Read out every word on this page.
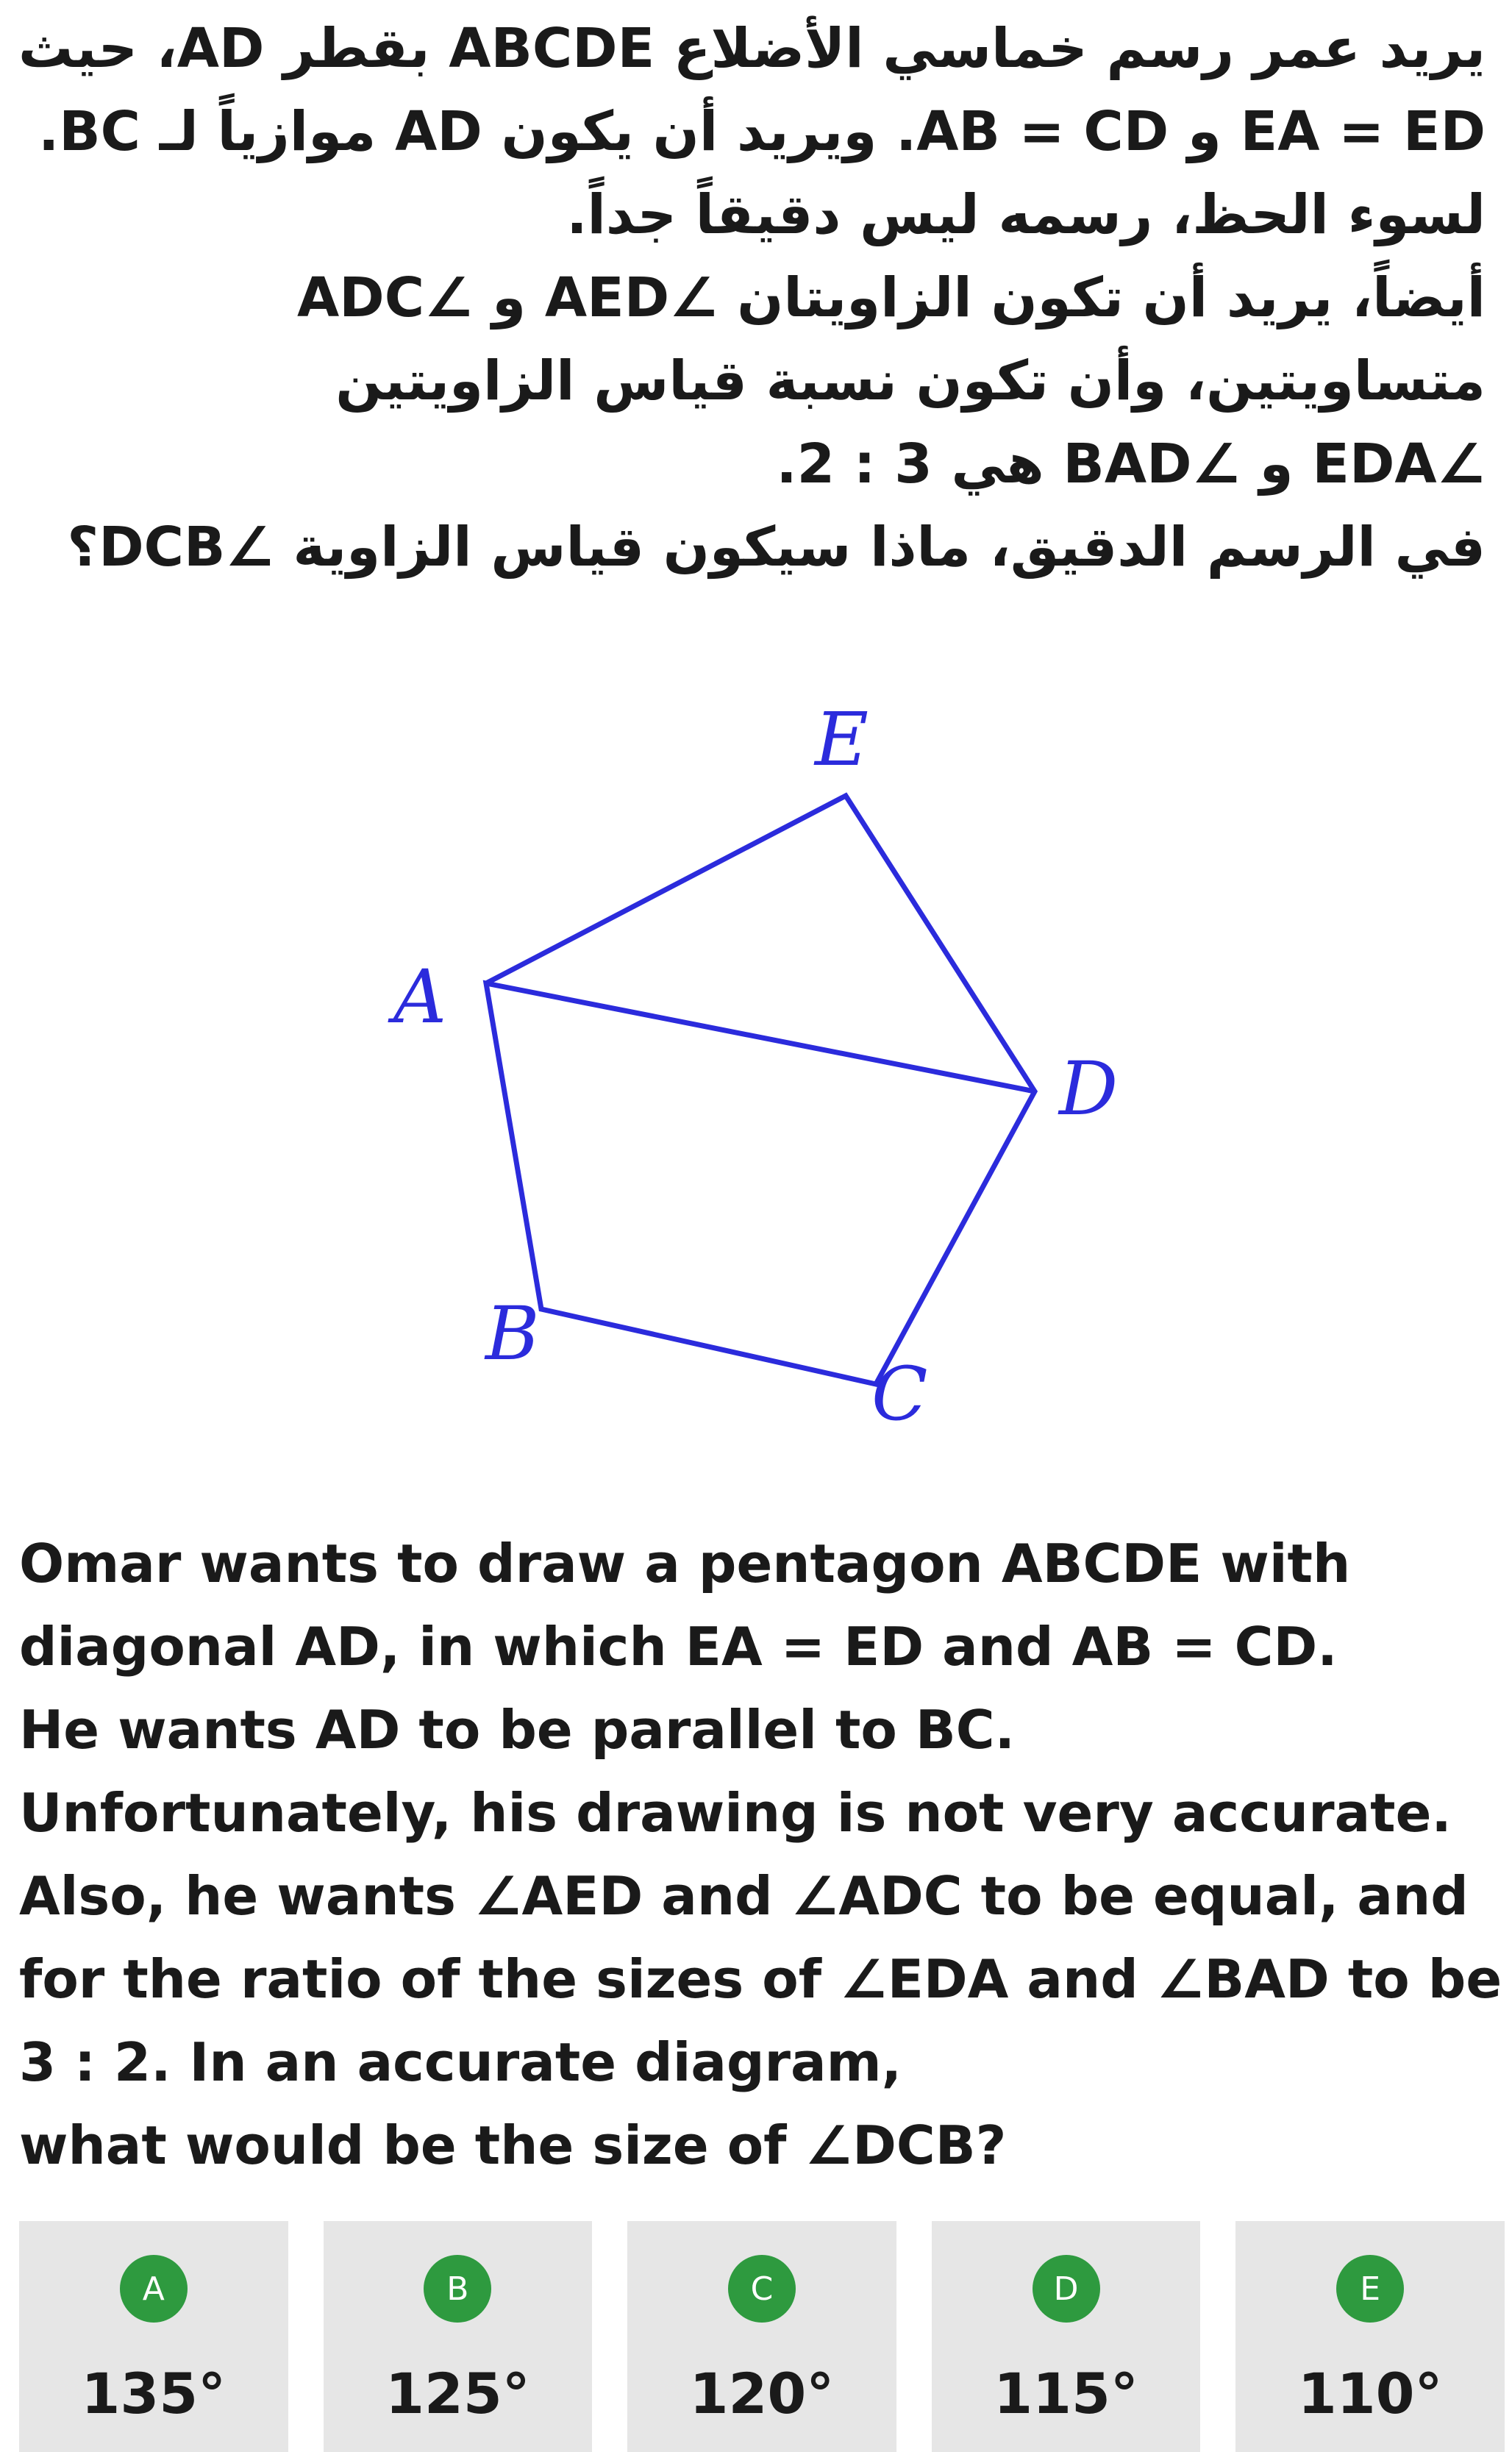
يريد عمر رسم خماسي الأضلاع ABCDE بقطر AD، حيث

EA = ED و AB = CD. ويريد أن يكون AD موازياً لـ BC.

لسوء الحظ، رسمه ليس دقيقاً جداً.

أيضاً، يريد أن تكون الزاويتان ∠AED و ∠ADC

متساويتين، وأن تكون نسبة قياس الزاويتين

∠EDA و ∠BAD هي 3 : 2.

في الرسم الدقيق، ماذا سيكون قياس الزاوية ∠DCB؟

E
A
D
B
C

Omar wants to draw a pentagon ABCDE with

diagonal AD, in which EA = ED and AB = CD.

He wants AD to be parallel to BC.

Unfortunately, his drawing is not very accurate.

Also, he wants ∠AED and ∠ADC to be equal, and

for the ratio of the sizes of ∠EDA and ∠BAD to be

3 : 2. In an accurate diagram,

what would be the size of ∠DCB?

A
135°
B
125°
C
120°
D
115°
E
110°
